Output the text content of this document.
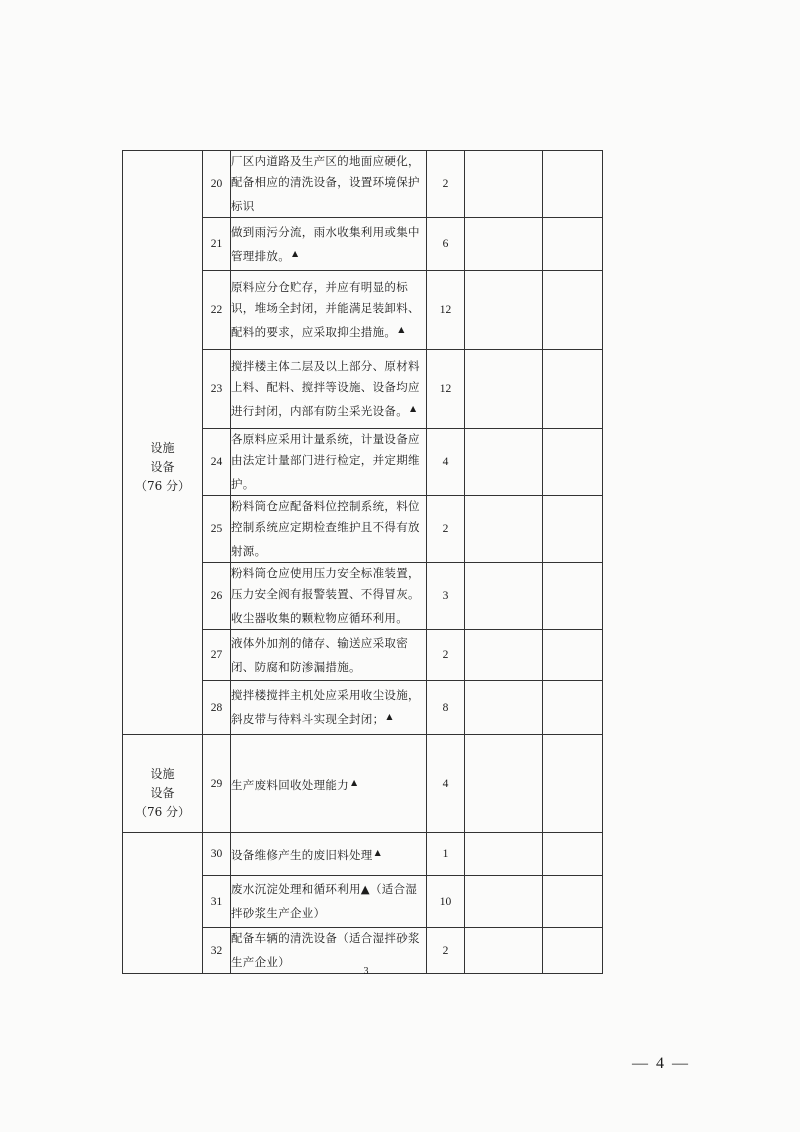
设施
设备
（76 分）	20	厂区内道路及生产区的地面应硬化，配备相应的清洗设备，设置环境保护标识	2		
	21	做到雨污分流，雨水收集利用或集中管理排放。 ▲	6		
	22	原料应分仓贮存，并应有明显的标识，堆场全封闭，并能满足装卸料、配料的要求，应采取抑尘措施。 ▲	12		
	23	搅拌楼主体二层及以上部分、原材料上料、配料、搅拌等设施、设备均应进行封闭，内部有防尘采光设备。 ▲	12		
	24	各原料应采用计量系统，计量设备应由法定计量部门进行检定，并定期维护。	4		
	25	粉料筒仓应配备料位控制系统，料位控制系统应定期检查维护且不得有放射源。	2		
	26	粉料筒仓应使用压力安全标准装置，压力安全阀有报警装置、不得冒灰。收尘器收集的颗粒物应循环利用。	3		
	27	液体外加剂的储存、输送应采取密闭、防腐和防渗漏措施。	2		
	28	搅拌楼搅拌主机处应采用收尘设施，斜皮带与待料斗实现全封闭； ▲	8		

设施
设备
（76 分）	29	生产废料回收处理能力 ▲	4		
	30	设备维修产生的废旧料处理 ▲	1		
	31	废水沉淀处理和循环利用▲（适合湿拌砂浆生产企业）	10		
	32	配备车辆的清洗设备（适合湿拌砂浆生产企业）	2		
3
— 4 —
